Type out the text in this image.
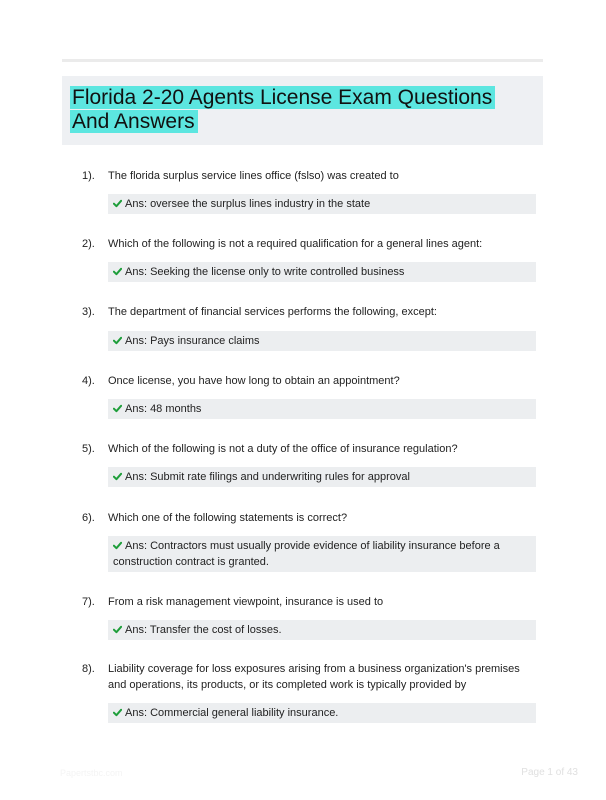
Florida 2-20 Agents License Exam Questions And Answers
1). The florida surplus service lines office (fslso) was created to
Ans: oversee the surplus lines industry in the state
2). Which of the following is not a required qualification for a general lines agent:
Ans: Seeking the license only to write controlled business
3). The department of financial services performs the following, except:
Ans: Pays insurance claims
4). Once license, you have how long to obtain an appointment?
Ans: 48 months
5). Which of the following is not a duty of the office of insurance regulation?
Ans: Submit rate filings and underwriting rules for approval
6). Which one of the following statements is correct?
Ans: Contractors must usually provide evidence of liability insurance before a construction contract is granted.
7). From a risk management viewpoint, insurance is used to
Ans: Transfer the cost of losses.
8). Liability coverage for loss exposures arising from a business organization's premises and operations, its products, or its completed work is typically provided by
Ans: Commercial general liability insurance.
Papertstbc.com	Page 1 of 43
